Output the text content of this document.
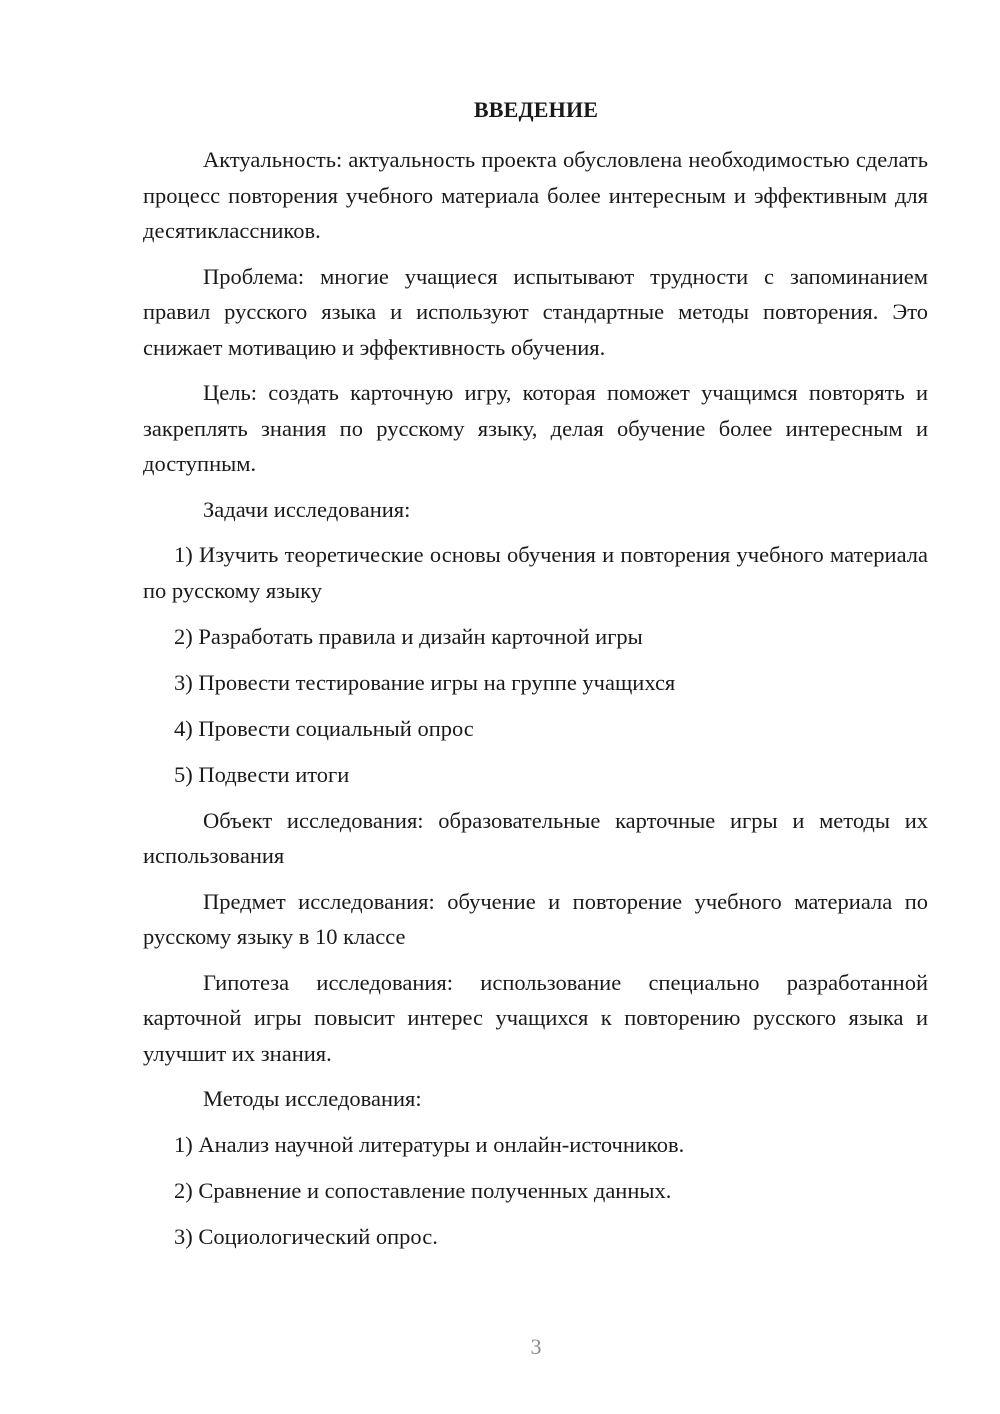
ВВЕДЕНИЕ

Актуальность: актуальность проекта обусловлена необходимостью сделать процесс повторения учебного материала более интересным и эффективным для десятиклассников.

Проблема: многие учащиеся испытывают трудности с запоминанием правил русского языка и используют стандартные методы повторения. Это снижает мотивацию и эффективность обучения.

Цель: создать карточную игру, которая поможет учащимся повторять и закреплять знания по русскому языку, делая обучение более интересным и доступным.

Задачи исследования:

1) Изучить теоретические основы обучения и повторения учебного материала по русскому языку

2) Разработать правила и дизайн карточной игры

3) Провести тестирование игры на группе учащихся

4) Провести социальный опрос

5) Подвести итоги

Объект исследования: образовательные карточные игры и методы их использования

Предмет исследования: обучение и повторение учебного материала по русскому языку в 10 классе

Гипотеза исследования: использование специально разработанной карточной игры повысит интерес учащихся к повторению русского языка и улучшит их знания.

Методы исследования:

1) Анализ научной литературы и онлайн-источников.

2) Сравнение и сопоставление полученных данных.

3) Социологический опрос.

3
